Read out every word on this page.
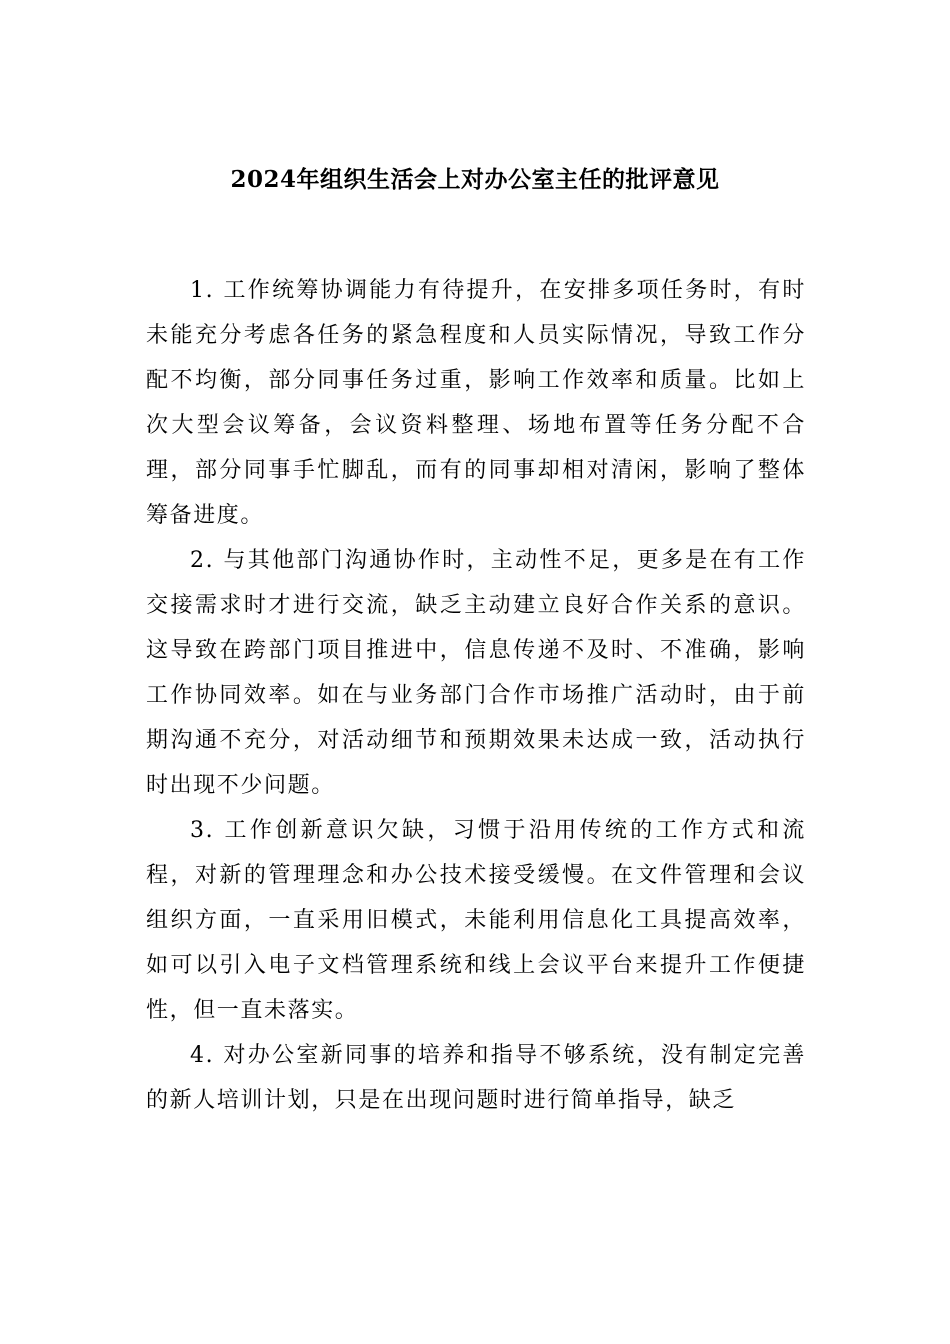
2024年组织生活会上对办公室主任的批评意见

1. 工作统筹协调能力有待提升，在安排多项任务时，有时未能充分考虑各任务的紧急程度和人员实际情况，导致工作分配不均衡，部分同事任务过重，影响工作效率和质量。比如上次大型会议筹备，会议资料整理、场地布置等任务分配不合理，部分同事手忙脚乱，而有的同事却相对清闲，影响了整体筹备进度。

2. 与其他部门沟通协作时，主动性不足，更多是在有工作交接需求时才进行交流，缺乏主动建立良好合作关系的意识。这导致在跨部门项目推进中，信息传递不及时、不准确，影响工作协同效率。如在与业务部门合作市场推广活动时，由于前期沟通不充分，对活动细节和预期效果未达成一致，活动执行时出现不少问题。

3. 工作创新意识欠缺，习惯于沿用传统的工作方式和流程，对新的管理理念和办公技术接受缓慢。在文件管理和会议组织方面，一直采用旧模式，未能利用信息化工具提高效率，如可以引入电子文档管理系统和线上会议平台来提升工作便捷性，但一直未落实。

4. 对办公室新同事的培养和指导不够系统，没有制定完善的新人培训计划，只是在出现问题时进行简单指导，缺乏
